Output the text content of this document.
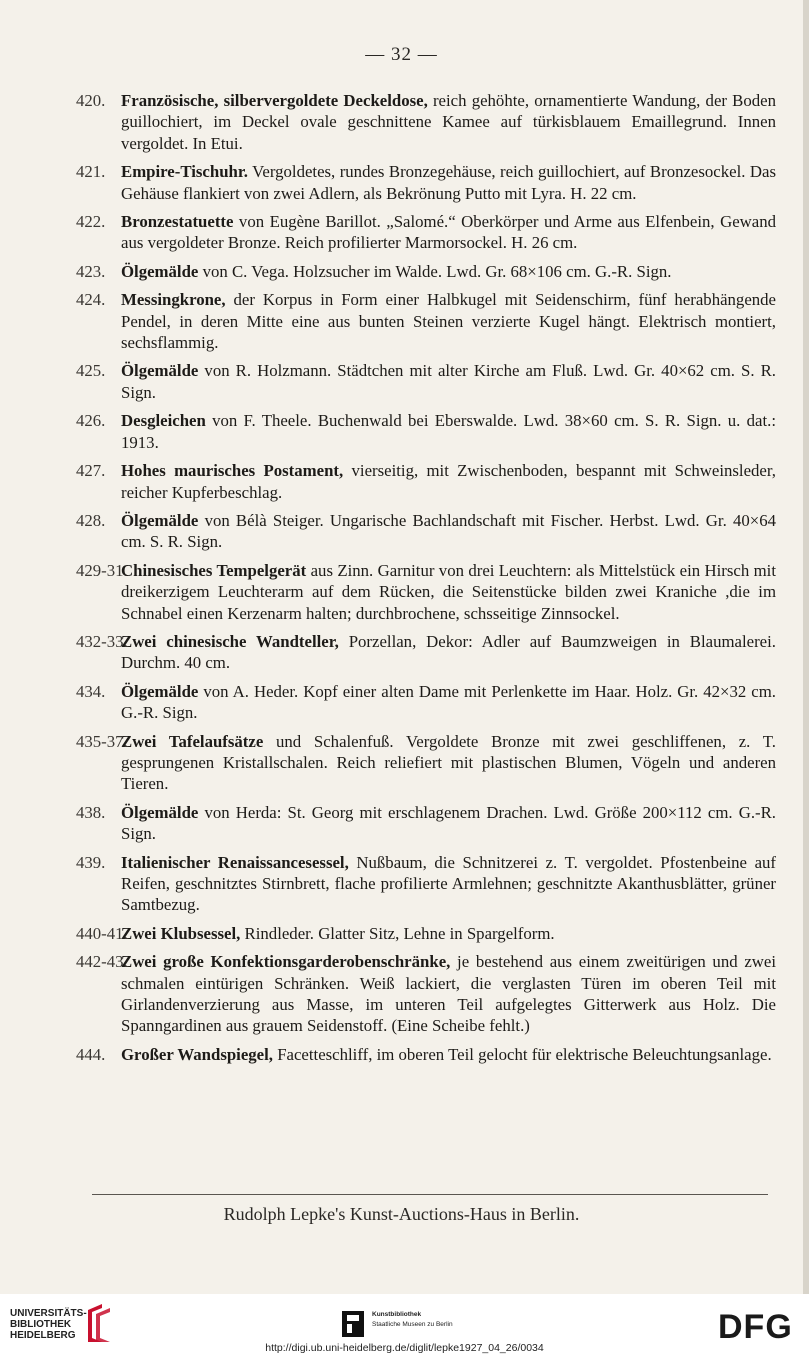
— 32 —
420. Französische, silbervergoldete Deckeldose, reich gehöhte, ornamentierte Wandung, der Boden guillochiert, im Deckel ovale geschnittene Kamee auf türkisblauem Emaillegrund. Innen vergoldet. In Etui.
421. Empire-Tischuhr. Vergoldetes, rundes Bronzegehäuse, reich guillochiert, auf Bronzesockel. Das Gehäuse flankiert von zwei Adlern, als Bekrönung Putto mit Lyra. H. 22 cm.
422. Bronzestatuette von Eugène Barillot. „Salomé.“ Oberkörper und Arme aus Elfenbein, Gewand aus vergoldeter Bronze. Reich profilierter Marmorsockel. H. 26 cm.
423. Ölgemälde von C. Vega. Holzsucher im Walde. Lwd. Gr. 68×106 cm. G.-R. Sign.
424. Messingkrone, der Korpus in Form einer Halbkugel mit Seidenschirm, fünf herabhängende Pendel, in deren Mitte eine aus bunten Steinen verzierte Kugel hängt. Elektrisch montiert, sechsflammig.
425. Ölgemälde von R. Holzmann. Städtchen mit alter Kirche am Fluß. Lwd. Gr. 40×62 cm. S. R. Sign.
426. Desgleichen von F. Theele. Buchenwald bei Eberswalde. Lwd. 38×60 cm. S. R. Sign. u. dat.: 1913.
427. Hohes maurisches Postament, vierseitig, mit Zwischenboden, bespannt mit Schweinsleder, reicher Kupferbeschlag.
428. Ölgemälde von Bélà Steiger. Ungarische Bachlandschaft mit Fischer. Herbst. Lwd. Gr. 40×64 cm. S. R. Sign.
429-31.
Chinesisches Tempelgerät aus Zinn. Garnitur von drei Leuchtern: als Mittelstück ein Hirsch mit dreikerzigem Leuchterarm auf dem Rücken, die Seitenstücke bilden zwei Kraniche ,die im Schnabel einen Kerzenarm halten; durchbrochene, schsseitige Zinnsockel.
432-33.
Zwei chinesische Wandteller, Porzellan, Dekor: Adler auf Baumzweigen in Blaumalerei. Durchm. 40 cm.
434. Ölgemälde von A. Heder. Kopf einer alten Dame mit Perlenkette im Haar. Holz. Gr. 42×32 cm. G.-R. Sign.
435-37.
Zwei Tafelaufsätze und Schalenfuß. Vergoldete Bronze mit zwei geschliffenen, z. T. gesprungenen Kristallschalen. Reich reliefiert mit plastischen Blumen, Vögeln und anderen Tieren.
438. Ölgemälde von Herda: St. Georg mit erschlagenem Drachen. Lwd. Größe 200×112 cm. G.-R. Sign.
439. Italienischer Renaissancesessel, Nußbaum, die Schnitzerei z. T. vergoldet. Pfostenbeine auf Reifen, geschnitztes Stirnbrett, flache profilierte Armlehnen; geschnitzte Akanthusblätter, grüner Samtbezug.
440-41.
Zwei Klubsessel, Rindleder. Glatter Sitz, Lehne in Spargelform.
442-43.
Zwei große Konfektionsgarderobenschränke, je bestehend aus einem zweitürigen und zwei schmalen eintürigen Schränken. Weiß lackiert, die verglasten Türen im oberen Teil mit Girlandenverzierung aus Masse, im unteren Teil aufgelegtes Gitterwerk aus Holz. Die Spanngardinen aus grauem Seidenstoff. (Eine Scheibe fehlt.)
444. Großer Wandspiegel, Facetteschliff, im oberen Teil gelocht für elektrische Beleuchtungsanlage.
Rudolph Lepke's Kunst-Auctions-Haus in Berlin.
UNIVERSITÄTS-
BIBLIOTHEK
HEIDELBERG
Kunstbibliothek
Staatliche Museen zu Berlin	DFG
http://digi.ub.uni-heidelberg.de/diglit/lepke1927_04_26/0034
